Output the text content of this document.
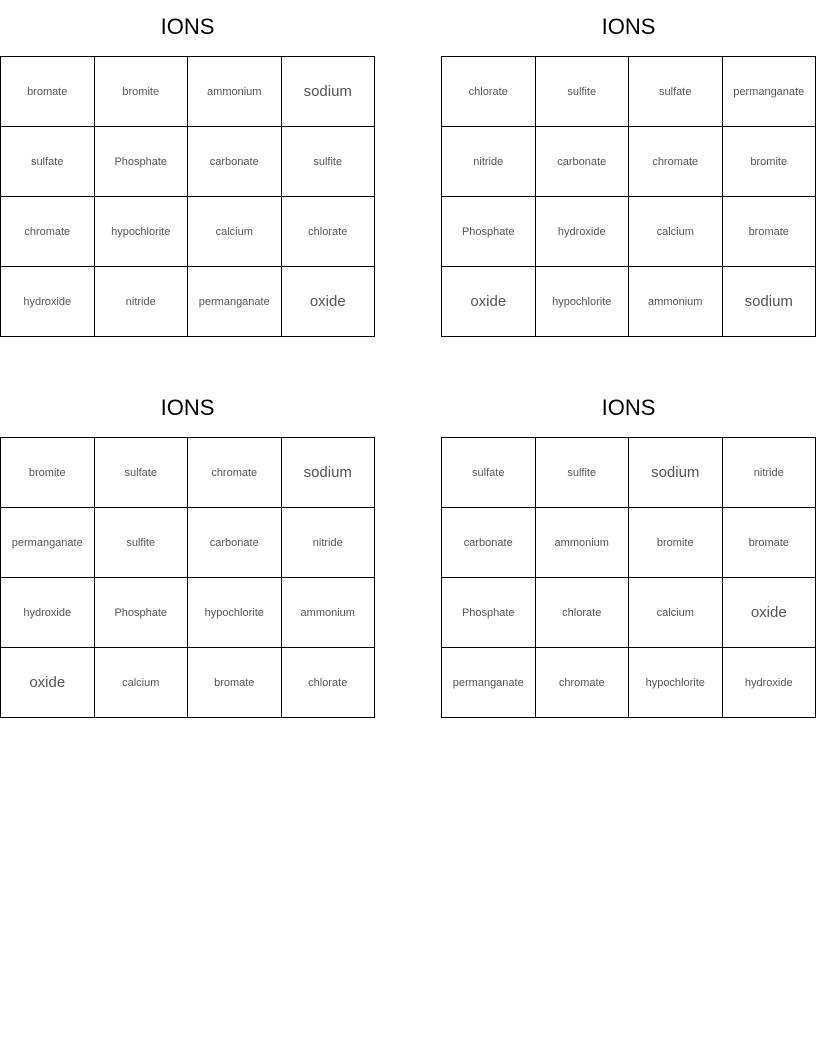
IONS
bromate	bromite	ammonium	sodium
sulfate	Phosphate	carbonate	sulfite
chromate	hypochlorite	calcium	chlorate
hydroxide	nitride	permanganate	oxide
IONS
chlorate	sulfite	sulfate	permanganate
nitride	carbonate	chromate	bromite
Phosphate	hydroxide	calcium	bromate
oxide	hypochlorite	ammonium	sodium
IONS
bromite	sulfate	chromate	sodium
permanganate	sulfite	carbonate	nitride
hydroxide	Phosphate	hypochlorite	ammonium
oxide	calcium	bromate	chlorate
IONS
sulfate	sulfite	sodium	nitride
carbonate	ammonium	bromite	bromate
Phosphate	chlorate	calcium	oxide
permanganate	chromate	hypochlorite	hydroxide
